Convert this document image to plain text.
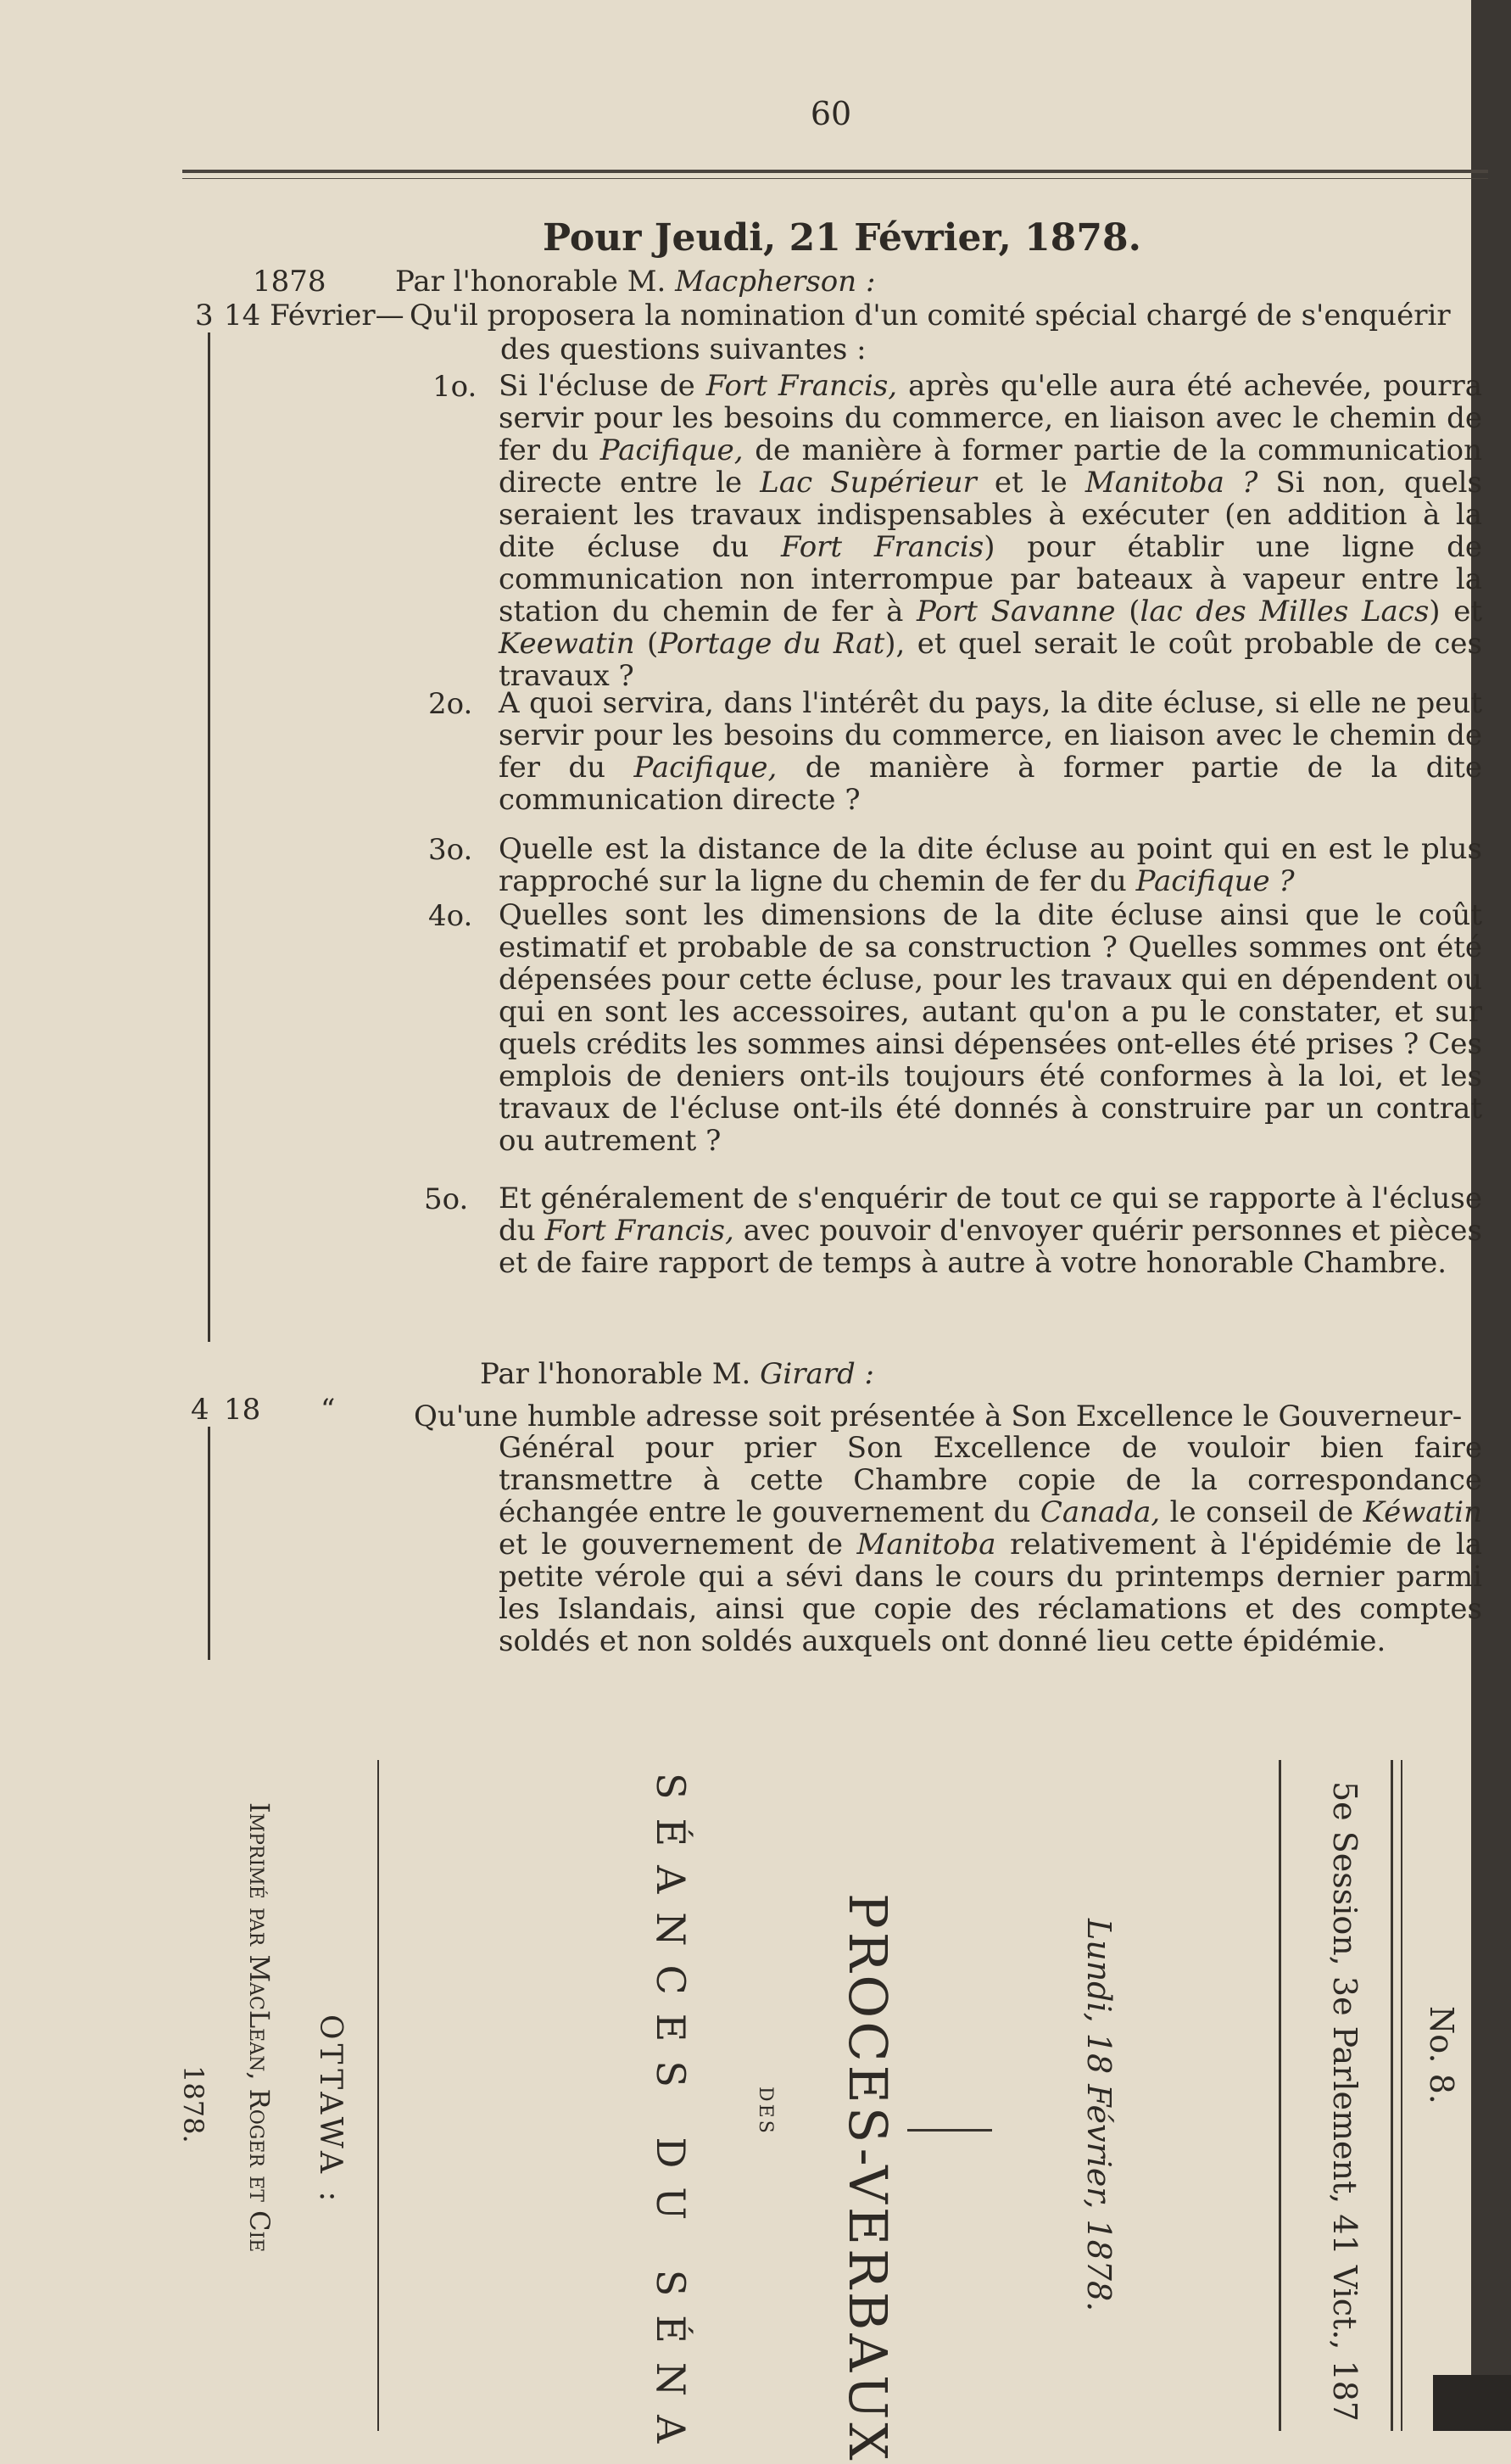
60
Pour Jeudi, 21 Février, 1878.
1878 Par l'honorable M. Macpherson :
3 14 Février— Qu'il proposera la nomination d'un comité spécial chargé de s'enquérir
des questions suivantes :
1o. Si l'écluse de Fort Francis, après qu'elle aura été achevée, pourra servir pour les besoins du commerce, en liaison avec le chemin de fer du Pacifique, de manière à former partie de la communication directe entre le Lac Supérieur et le Manitoba ? Si non, quels seraient les travaux indispensables à exécuter (en addition à la dite écluse du Fort Francis) pour établir une ligne de communication non interrompue par bateaux à vapeur entre la station du chemin de fer à Port Savanne (lac des Milles Lacs) et Keewatin (Portage du Rat), et quel serait le coût probable de ces travaux ?
2o. A quoi servira, dans l'intérêt du pays, la dite écluse, si elle ne peut servir pour les besoins du commerce, en liaison avec le chemin de fer du Pacifique, de manière à former partie de la dite communication directe ?
3o. Quelle est la distance de la dite écluse au point qui en est le plus rapproché sur la ligne du chemin de fer du Pacifique ?
4o. Quelles sont les dimensions de la dite écluse ainsi que le coût estimatif et probable de sa construction ? Quelles sommes ont été dépensées pour cette écluse, pour les travaux qui en dépendent ou qui en sont les accessoires, autant qu'on a pu le constater, et sur quels crédits les sommes ainsi dépensées ont-elles été prises ? Ces emplois de deniers ont-ils toujours été conformes à la loi, et les travaux de l'écluse ont-ils été donnés à construire par un contrat ou autrement ?
5o. Et généralement de s'enquérir de tout ce qui se rapporte à l'écluse du Fort Francis, avec pouvoir d'envoyer quérir personnes et pièces et de faire rapport de temps à autre à votre honorable Chambre.
Par l'honorable M. Girard :
4 18 “	Qu'une humble adresse soit présentée à Son Excellence le Gouverneur-
Général pour prier Son Excellence de vouloir bien faire transmettre à cette Chambre copie de la correspondance échangée entre le gouvernement du Canada, le conseil de Kéwatin et le gouvernement de Manitoba relativement à l'épidémie de la petite vérole qui a sévi dans le cours du printemps dernier parmi les Islandais, ainsi que copie des réclamations et des comptes soldés et non soldés auxquels ont donné lieu cette épidémie.
No. 8.
5e Session, 3e Parlement, 41 Vict., 187
Lundi, 18 Février, 1878.
PROCES-VERBAUX
DES
SÉANCES DU SÉNA
OTTAWA :
Imprimé par MacLean, Roger et Cie
1878.
